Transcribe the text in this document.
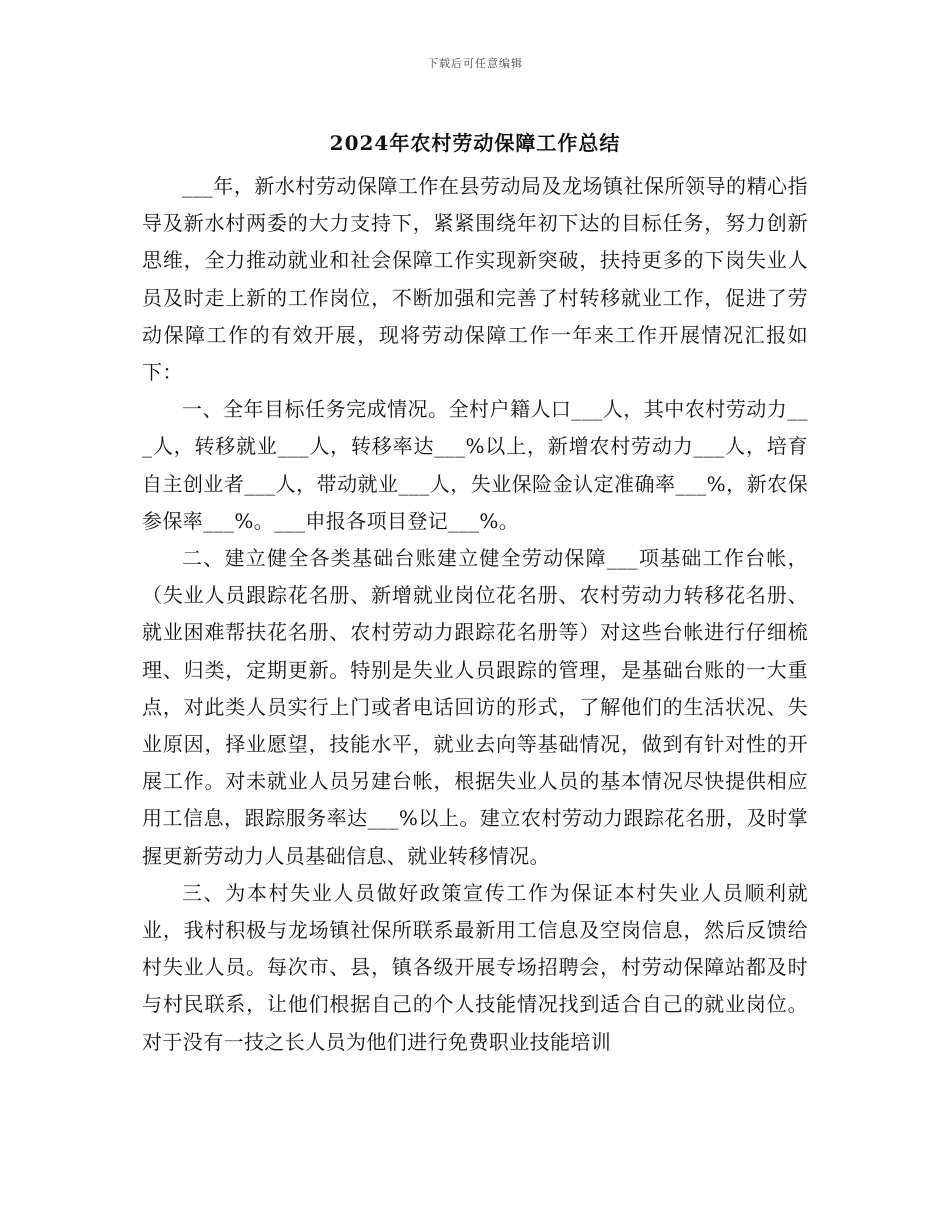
下载后可任意编辑
2024年农村劳动保障工作总结

___年，新水村劳动保障工作在县劳动局及龙场镇社保所领导的精心指导及新水村两委的大力支持下，紧紧围绕年初下达的目标任务，努力创新思维，全力推动就业和社会保障工作实现新突破，扶持更多的下岗失业人员及时走上新的工作岗位，不断加强和完善了村转移就业工作，促进了劳动保障工作的有效开展，现将劳动保障工作一年来工作开展情况汇报如下：

一、全年目标任务完成情况。全村户籍人口___人，其中农村劳动力___人，转移就业___人，转移率达___%以上，新增农村劳动力___人，培育自主创业者___人，带动就业___人，失业保险金认定准确率___%，新农保参保率___%。___申报各项目登记___%。

二、建立健全各类基础台账建立健全劳动保障___项基础工作台帐，（失业人员跟踪花名册、新增就业岗位花名册、农村劳动力转移花名册、就业困难帮扶花名册、农村劳动力跟踪花名册等）对这些台帐进行仔细梳理、归类，定期更新。特别是失业人员跟踪的管理，是基础台账的一大重点，对此类人员实行上门或者电话回访的形式，了解他们的生活状况、失业原因，择业愿望，技能水平，就业去向等基础情况，做到有针对性的开展工作。对未就业人员另建台帐，根据失业人员的基本情况尽快提供相应用工信息，跟踪服务率达___%以上。建立农村劳动力跟踪花名册，及时掌握更新劳动力人员基础信息、就业转移情况。

三、为本村失业人员做好政策宣传工作为保证本村失业人员顺利就业，我村积极与龙场镇社保所联系最新用工信息及空岗信息，然后反馈给村失业人员。每次市、县，镇各级开展专场招聘会，村劳动保障站都及时与村民联系，让他们根据自己的个人技能情况找到适合自己的就业岗位。对于没有一技之长人员为他们进行免费职业技能培训
